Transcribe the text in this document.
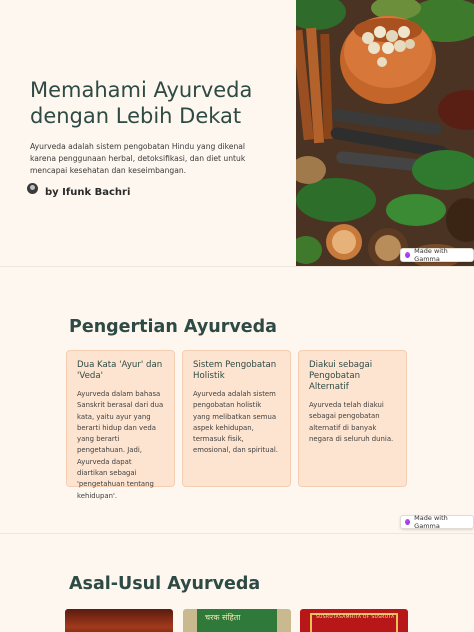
Memahami Ayurveda dengan Lebih Dekat

Ayurveda adalah sistem pengobatan Hindu yang dikenal karena penggunaan herbal, detoksifikasi, dan diet untuk mencapai kesehatan dan keseimbangan.

by Ifunk Bachri
Made with Gamma
Pengertian Ayurveda
Dua Kata 'Ayur' dan 'Veda'

Ayurveda dalam bahasa Sanskrit berasal dari dua kata, yaitu ayur yang berarti hidup dan veda yang berarti pengetahuan. Jadi, Ayurveda dapat diartikan sebagai 'pengetahuan tentang kehidupan'.

Sistem Pengobatan Holistik

Ayurveda adalah sistem pengobatan holistik yang melibatkan semua aspek kehidupan, termasuk fisik, emosional, dan spiritual.

Diakui sebagai Pengobatan Alternatif

Ayurveda telah diakui sebagai pengobatan alternatif di banyak negara di seluruh dunia.

Made with Gamma
Asal-Usul Ayurveda
चरक संहिता	SUSRUTASAMHITA OF SUSRUTA
